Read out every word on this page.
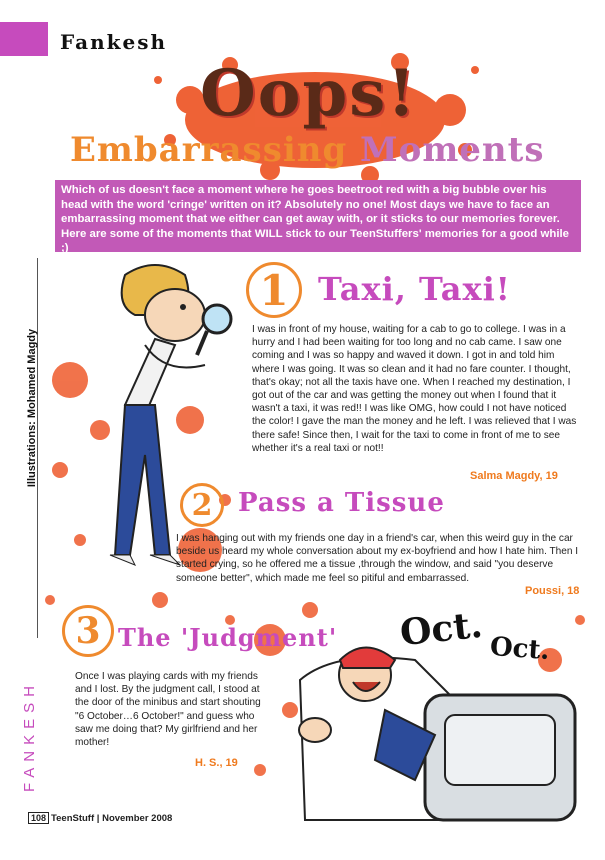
Fankesh
Oops!
Embarrassing Moments
Which of us doesn't face a moment where he goes beetroot red with a big bubble over his head with the word 'cringe' written on it? Absolutely no one! Most days we have to face an embarrassing moment that we either can get away with, or it sticks to our memories forever. Here are some of the moments that WILL stick to our TeenStuffers' memories for a good while ;)
Illustrations: Mohamed Magdy
1 Taxi, Taxi!
I was in front of my house, waiting for a cab to go to college. I was in a hurry and I had been waiting for too long and no cab came. I saw one coming and I was so happy and waved it down. I got in and told him where I was going. It was so clean and it had no fare counter. I thought, that's okay; not all the taxis have one. When I reached my destination, I got out of the car and was getting the money out when I found that it wasn't a taxi, it was red!! I was like OMG, how could I not have noticed the color! I gave the man the money and he left. I was relieved that I was there safe! Since then, I wait for the taxi to come in front of me to see whether it's a real taxi or not!!
Salma Magdy, 19
2 Pass a Tissue
I was hanging out with my friends one day in a friend's car, when this weird guy in the car beside us heard my whole conversation about my ex-boyfriend and how I hate him. Then I started crying, so he offered me a tissue ,through the window, and said "you deserve someone better", which made me feel so pitiful and embarrassed.
Poussi, 18
3 The 'Judgment'
Once I was playing cards with my friends and I lost. By the judgment call, I stood at the door of the minibus and start shouting "6 October…6 October!" and guess who saw me doing that? My girlfriend and her mother!
H. S., 19
Oct. Oct.
FANKESH
108 TeenStuff | November 2008
